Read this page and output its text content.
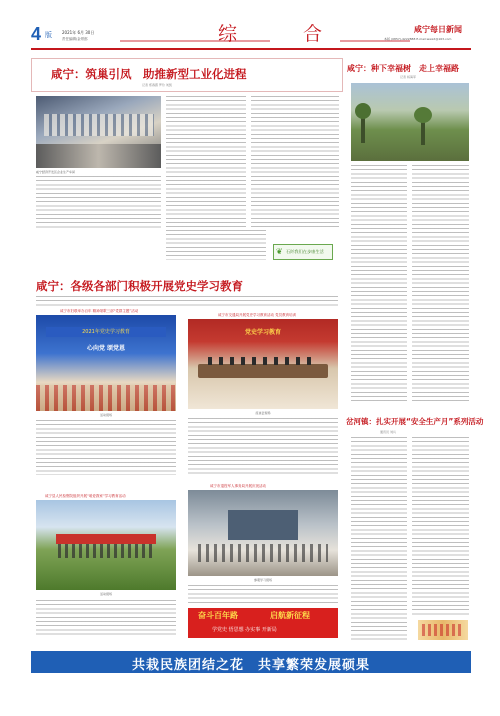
4 版	2021年 6月 30日
责任编辑/金哥郎	综 合	咸宁每日新闻
本版 (0857)-4222888 E-mail:wwxd@163.com
咸宁：筑巢引凤　助推新型工业化进程
记者 郑春霞 罗玲 刘凯
咸宁经济开发区企业生产车间
❦ 石阡我们在步康生活
咸宁：种下幸福树　走上幸福路
记者 杨海军
咸宁：各级各部门积极开展党史学习教育
咸宁市妇联举办百年 精神颂歌三部“党群主题”活动
2021年党史学习教育
心向党 颂党恩
活动现场
咸宁市交通局开展党史学习教育活动 党员教育培训
党史学习教育
座谈会现场
咸宁县人民检察院组织开展“咱爱我家”学习教育活动
活动现场
咸宁市退役军人事务局开展庆祝活动
参观学习现场
奋斗百年路	启航新征程
学党史 悟思想 办实事 开新局
岔河镇：扎实开展“安全生产月”系列活动
通讯员 刘兵
共栽民族团结之花　共享繁荣发展硕果
